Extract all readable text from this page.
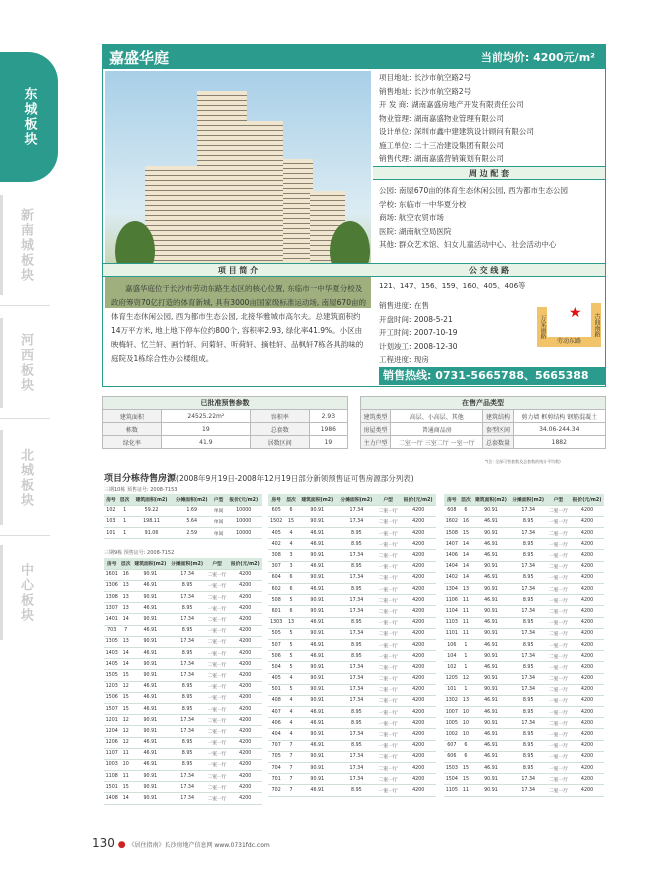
东城板块
新南城板块
河西板块
北城板块
中心板块
嘉盛华庭	当前均价: 4200元/m²
项目地址: 长沙市航空路2号
销售地址: 长沙市航空路2号
开 发 商: 湖南嘉盛房地产开发有限责任公司
物业管理: 湖南嘉盛物业管理有限公司
设计单位: 深圳市鑫中建建筑设计顾问有限公司
施工单位: 二十三冶建设集团有限公司
销售代理: 湖南嘉盛营销策划有限公司
周 边 配 套
公园: 南屋670亩的体育生态休闲公园, 西为都市生态公园
学校: 东临市一中华夏分校
商场: 航空农贸市场
医院: 湖南航空局医院
其他: 群众艺术馆、妇女儿童活动中心、社会活动中心
项 目 简 介	公 交 线 路
嘉盛华庭位于长沙市劳动东路生态区的核心位置, 东临市一中华夏分校及政府筹资70亿打造的体育新城, 具有3000亩国家级标准运动场, 南屋670亩的体育生态休闲公园, 西为都市生态公园, 北接华雅城市高尔夫。总建筑面积约14万平方米, 地上地下停车位约800个, 容积率2.93, 绿化率41.9%。小区由映梅轩、忆兰轩、画竹轩、问菊轩、听荷轩、摘桂轩、品枫轩7栋各具韵味的庭院及1栋综合性办公楼组成。
121、147、156、159、160、405、406等
销售进度: 在售
开盘时间: 2008-5-21
开工时间: 2007-10-19
计划竣工: 2008-12-30
工程进度: 现房
万家丽路
劳动东路
古曲南路
★
销售热线: 0731-5665788、5665388
已批准预售参数			
建筑面积	24525.22m²	容积率	2.93
栋数	19	总套数	1986
绿化率	41.9	居数区间	19
在售产品类型			
建筑类型	高层、小高层、其他	建筑结构	剪力墙 框剪结构 钢筋混凝土
房屋类型	普通商品房	套型区间	34.06-244.34
主力户型	二室一厅 三室二厅 一室一厅	总套数量	1882
*(注: 全部可售套数及总套数的统计平均数)
项目分栋待售房源(2008年9月19日-2008年12月19日部分新领预售证可售房源部分列表)
三期10栋 预售证号: 2008-7153
三期9栋 预售证号: 2008-7152
房号	层次	建筑面积(m2)	分摊面积(m2)	户型	报价(元/m2)
102	1	59.22	1.69	单间	10000
103	1	198.11	5.64	单间	10000
101	1	91.06	2.59	单间	10000
房号	层次	建筑面积(m2)	分摊面积(m2)	户型	报价(元/m2)
1601	16	90.91	17.34	二室一厅	4200
1306	13	46.91	8.95	一室一厅	4200
1308	13	90.91	17.34	二室一厅	4200
1307	13	46.91	8.95	一室一厅	4200
1401	14	90.91	17.34	二室一厅	4200
703	7	46.91	8.95	一室一厅	4200
1305	13	90.91	17.34	二室一厅	4200
1403	14	46.91	8.95	一室一厅	4200
1405	14	90.91	17.34	二室一厅	4200
1505	15	90.91	17.34	二室一厅	4200
1203	12	46.91	8.95	一室一厅	4200
1506	15	46.91	8.95	一室一厅	4200
1507	15	46.91	8.95	一室一厅	4200
1201	12	90.91	17.34	二室一厅	4200
1204	12	90.91	17.34	二室一厅	4200
1206	12	46.91	8.95	一室一厅	4200
1107	11	46.91	8.95	一室一厅	4200
1003	10	46.91	8.95	一室一厅	4200
1108	11	90.91	17.34	二室一厅	4200
1501	15	90.91	17.34	二室一厅	4200
1408	14	90.91	17.34	二室一厅	4200
房号	层次	建筑面积(m2)	分摊面积(m2)	户型	报价(元/m2)
605	6	90.91	17.34	二室一厅	4200
1502	15	90.91	17.34	二室一厅	4200
405	4	46.91	8.95	一室一厅	4200
402	4	46.91	8.95	一室一厅	4200
308	3	90.91	17.34	二室一厅	4200
307	3	46.91	8.95	一室一厅	4200
604	6	90.91	17.34	二室一厅	4200
602	6	46.91	8.95	一室一厅	4200
508	5	90.91	17.34	二室一厅	4200
601	6	90.91	17.34	二室一厅	4200
1303	13	46.91	8.95	一室一厅	4200
505	5	90.91	17.34	二室一厅	4200
507	5	46.91	8.95	一室一厅	4200
506	5	46.91	8.95	一室一厅	4200
504	5	90.91	17.34	二室一厅	4200
405	4	90.91	17.34	二室一厅	4200
501	5	90.91	17.34	二室一厅	4200
408	4	90.91	17.34	二室一厅	4200
407	4	46.91	8.95	一室一厅	4200
406	4	46.91	8.95	一室一厅	4200
404	4	90.91	17.34	二室一厅	4200
707	7	46.91	8.95	一室一厅	4200
705	7	90.91	17.34	二室一厅	4200
704	7	90.91	17.34	二室一厅	4200
701	7	90.91	17.34	二室一厅	4200
702	7	46.91	8.95	一室一厅	4200
房号	层次	建筑面积(m2)	分摊面积(m2)	户型	报价(元/m2)
608	6	90.91	17.34	二室一厅	4200
1602	16	46.91	8.95	一室一厅	4200
1508	15	90.91	17.34	二室一厅	4200
1407	14	46.91	8.95	一室一厅	4200
1406	14	46.91	8.95	一室一厅	4200
1404	14	90.91	17.34	二室一厅	4200
1402	14	46.91	8.95	一室一厅	4200
1304	13	90.91	17.34	二室一厅	4200
1106	11	46.91	8.95	一室一厅	4200
1104	11	90.91	17.34	二室一厅	4200
1103	11	46.91	8.95	一室一厅	4200
1101	11	90.91	17.34	二室一厅	4200
106	1	46.91	8.95	一室一厅	4200
104	1	90.91	17.34	二室一厅	4200
102	1	46.91	8.95	一室一厅	4200
1205	12	90.91	17.34	二室一厅	4200
101	1	90.91	17.34	二室一厅	4200
1302	13	46.91	8.95	一室一厅	4200
1007	10	46.91	8.95	一室一厅	4200
1005	10	90.91	17.34	二室一厅	4200
1002	10	46.91	8.95	一室一厅	4200
607	6	46.91	8.95	一室一厅	4200
606	6	46.91	8.95	一室一厅	4200
1503	15	46.91	8.95	一室一厅	4200
1504	15	90.91	17.34	二室一厅	4200
1105	11	90.91	17.34	二室一厅	4200
130 ● 《居住指南》长沙房地产信息网 www.0731fdc.com
